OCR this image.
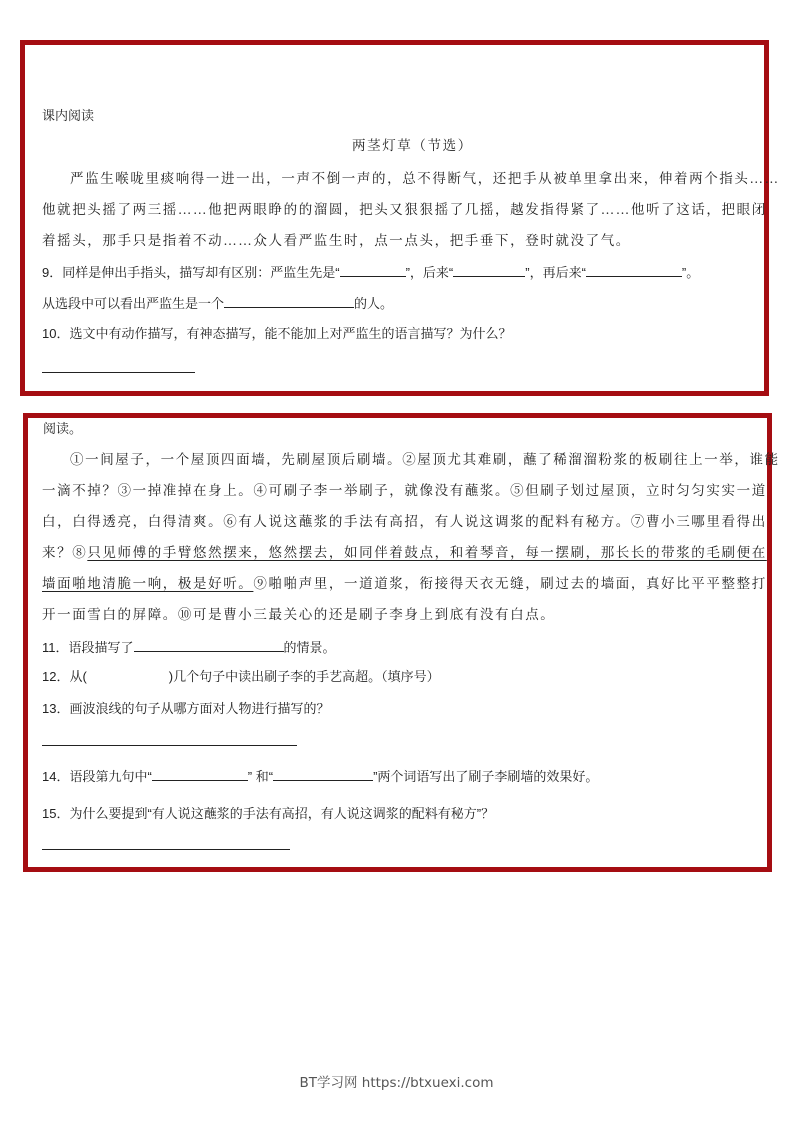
课内阅读
两茎灯草（节选）
严监生喉咙里痰响得一进一出，一声不倒一声的，总不得断气，还把手从被单里拿出来，伸着两个指头……
他就把头摇了两三摇……他把两眼睁的的溜圆，把头又狠狠摇了几摇，越发指得紧了……他听了这话，把眼闭
着摇头，那手只是指着不动……众人看严监生时，点一点头，把手垂下，登时就没了气。
9．同样是伸出手指头，描写却有区别：严监生先是“	”，后来“	”，再后来“	”。
从选段中可以看出严监生是一个	的人。
10．选文中有动作描写，有神态描写，能不能加上对严监生的语言描写？为什么？
阅读。
①一间屋子，一个屋顶四面墙，先刷屋顶后刷墙。②屋顶尤其难刷，蘸了稀溜溜粉浆的板刷往上一举，谁能
一滴不掉？③一掉准掉在身上。④可刷子李一举刷子，就像没有蘸浆。⑤但刷子划过屋顶，立时匀匀实实一道
白，白得透亮，白得清爽。⑥有人说这蘸浆的手法有高招，有人说这调浆的配料有秘方。⑦曹小三哪里看得出
来？⑧只见师傅的手臂悠然摆来，悠然摆去，如同伴着鼓点，和着琴音，每一摆刷，那长长的带浆的毛刷便在
墙面啪地清脆一响，极是好听。⑨啪啪声里，一道道浆，衔接得天衣无缝，刷过去的墙面，真好比平平整整打
开一面雪白的屏障。⑩可是曹小三最关心的还是刷子李身上到底有没有白点。
11．语段描写了	的情景。
12．从(	)几个句子中读出刷子李的手艺高超。（填序号）
13．画波浪线的句子从哪方面对人物进行描写的？
14．语段第九句中“	” 和“	”两个词语写出了刷子李刷墙的效果好。
15．为什么要提到“有人说这蘸浆的手法有高招，有人说这调浆的配料有秘方”？
BT学习网 https://btxuexi.com
